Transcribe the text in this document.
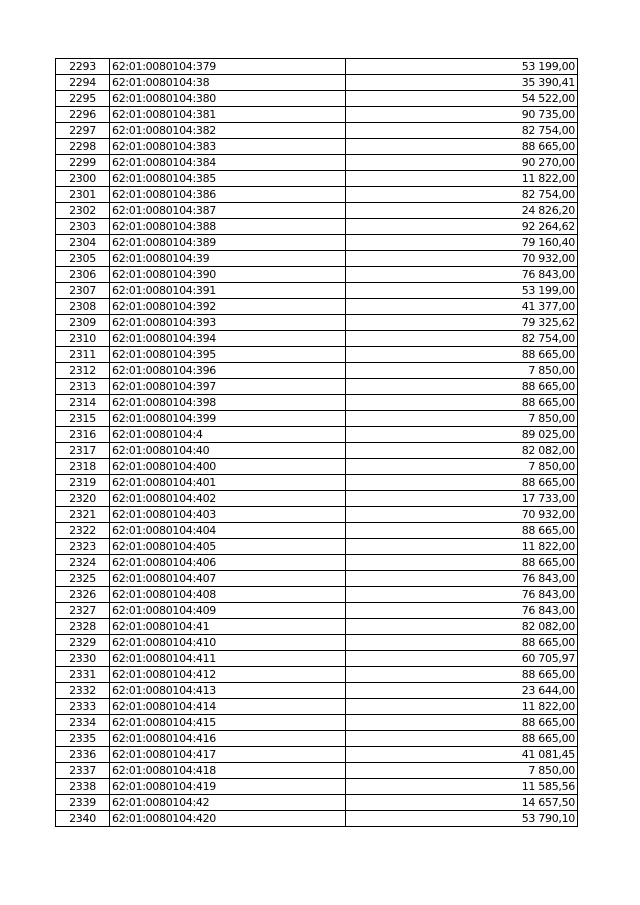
2293	62:01:0080104:379	53 199,00
2294	62:01:0080104:38	35 390,41
2295	62:01:0080104:380	54 522,00
2296	62:01:0080104:381	90 735,00
2297	62:01:0080104:382	82 754,00
2298	62:01:0080104:383	88 665,00
2299	62:01:0080104:384	90 270,00
2300	62:01:0080104:385	11 822,00
2301	62:01:0080104:386	82 754,00
2302	62:01:0080104:387	24 826,20
2303	62:01:0080104:388	92 264,62
2304	62:01:0080104:389	79 160,40
2305	62:01:0080104:39	70 932,00
2306	62:01:0080104:390	76 843,00
2307	62:01:0080104:391	53 199,00
2308	62:01:0080104:392	41 377,00
2309	62:01:0080104:393	79 325,62
2310	62:01:0080104:394	82 754,00
2311	62:01:0080104:395	88 665,00
2312	62:01:0080104:396	7 850,00
2313	62:01:0080104:397	88 665,00
2314	62:01:0080104:398	88 665,00
2315	62:01:0080104:399	7 850,00
2316	62:01:0080104:4	89 025,00
2317	62:01:0080104:40	82 082,00
2318	62:01:0080104:400	7 850,00
2319	62:01:0080104:401	88 665,00
2320	62:01:0080104:402	17 733,00
2321	62:01:0080104:403	70 932,00
2322	62:01:0080104:404	88 665,00
2323	62:01:0080104:405	11 822,00
2324	62:01:0080104:406	88 665,00
2325	62:01:0080104:407	76 843,00
2326	62:01:0080104:408	76 843,00
2327	62:01:0080104:409	76 843,00
2328	62:01:0080104:41	82 082,00
2329	62:01:0080104:410	88 665,00
2330	62:01:0080104:411	60 705,97
2331	62:01:0080104:412	88 665,00
2332	62:01:0080104:413	23 644,00
2333	62:01:0080104:414	11 822,00
2334	62:01:0080104:415	88 665,00
2335	62:01:0080104:416	88 665,00
2336	62:01:0080104:417	41 081,45
2337	62:01:0080104:418	7 850,00
2338	62:01:0080104:419	11 585,56
2339	62:01:0080104:42	14 657,50
2340	62:01:0080104:420	53 790,10
